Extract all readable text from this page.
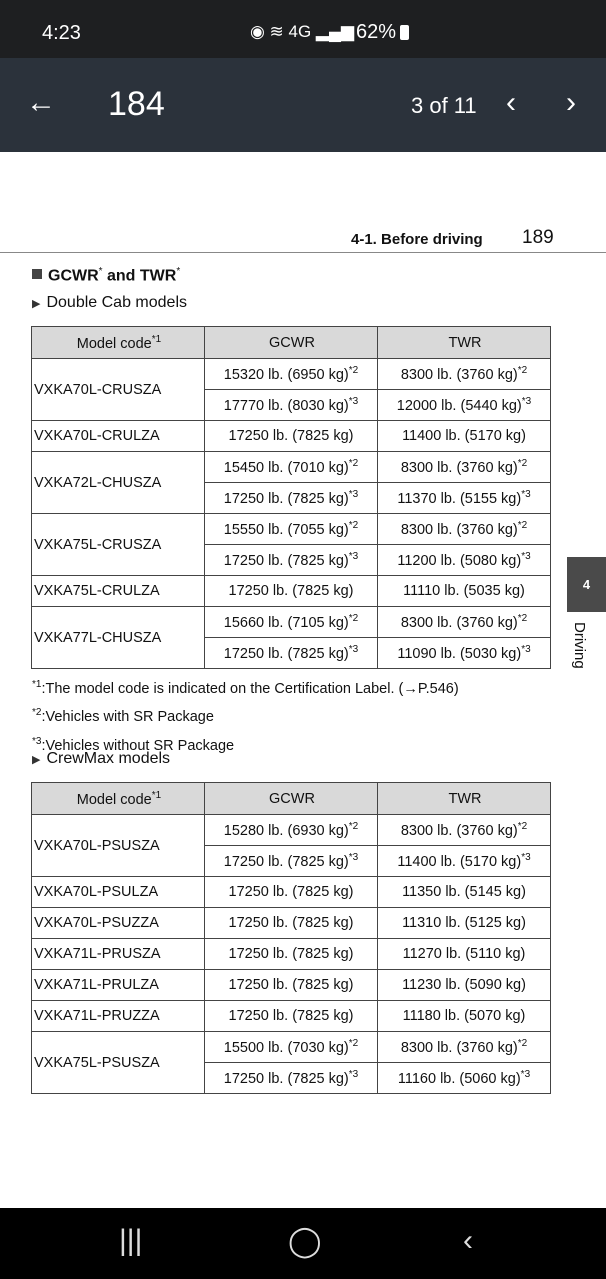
4:23	◉ ≋ 4G ▂▄▆ 62%
← 184	3 of 11 ‹ ›
4-1. Before driving 189
GCWR* and TWR*
▶ Double Cab models
Model code$^{*1}$	GCWR	TWR
VXKA70L-CRUSZA	15320 lb. (6950 kg)$^{*2}$	8300 lb. (3760 kg)$^{*2}$
	17770 lb. (8030 kg)$^{*3}$	12000 lb. (5440 kg)$^{*3}$
VXKA70L-CRULZA	17250 lb. (7825 kg)	11400 lb. (5170 kg)
VXKA72L-CHUSZA	15450 lb. (7010 kg)$^{*2}$	8300 lb. (3760 kg)$^{*2}$
	17250 lb. (7825 kg)$^{*3}$	11370 lb. (5155 kg)$^{*3}$
VXKA75L-CRUSZA	15550 lb. (7055 kg)$^{*2}$	8300 lb. (3760 kg)$^{*2}$
	17250 lb. (7825 kg)$^{*3}$	11200 lb. (5080 kg)$^{*3}$
VXKA75L-CRULZA	17250 lb. (7825 kg)	11110 lb. (5035 kg)
VXKA77L-CHUSZA	15660 lb. (7105 kg)$^{*2}$	8300 lb. (3760 kg)$^{*2}$
	17250 lb. (7825 kg)$^{*3}$	11090 lb. (5030 kg)$^{*3}$
$^{*1}$:The model code is indicated on the Certification Label. (→P.546)
$^{*2}$:Vehicles with SR Package
$^{*3}$:Vehicles without SR Package
▶ CrewMax models
Model code$^{*1}$	GCWR	TWR
VXKA70L-PSUSZA	15280 lb. (6930 kg)$^{*2}$	8300 lb. (3760 kg)$^{*2}$
	17250 lb. (7825 kg)$^{*3}$	11400 lb. (5170 kg)$^{*3}$
VXKA70L-PSULZA	17250 lb. (7825 kg)	11350 lb. (5145 kg)
VXKA70L-PSUZZA	17250 lb. (7825 kg)	11310 lb. (5125 kg)
VXKA71L-PRUSZA	17250 lb. (7825 kg)	11270 lb. (5110 kg)
VXKA71L-PRULZA	17250 lb. (7825 kg)	11230 lb. (5090 kg)
VXKA71L-PRUZZA	17250 lb. (7825 kg)	11180 lb. (5070 kg)
VXKA75L-PSUSZA	15500 lb. (7030 kg)$^{*2}$	8300 lb. (3760 kg)$^{*2}$
	17250 lb. (7825 kg)$^{*3}$	11160 lb. (5060 kg)$^{*3}$
4
Driving
|||	◯	‹
